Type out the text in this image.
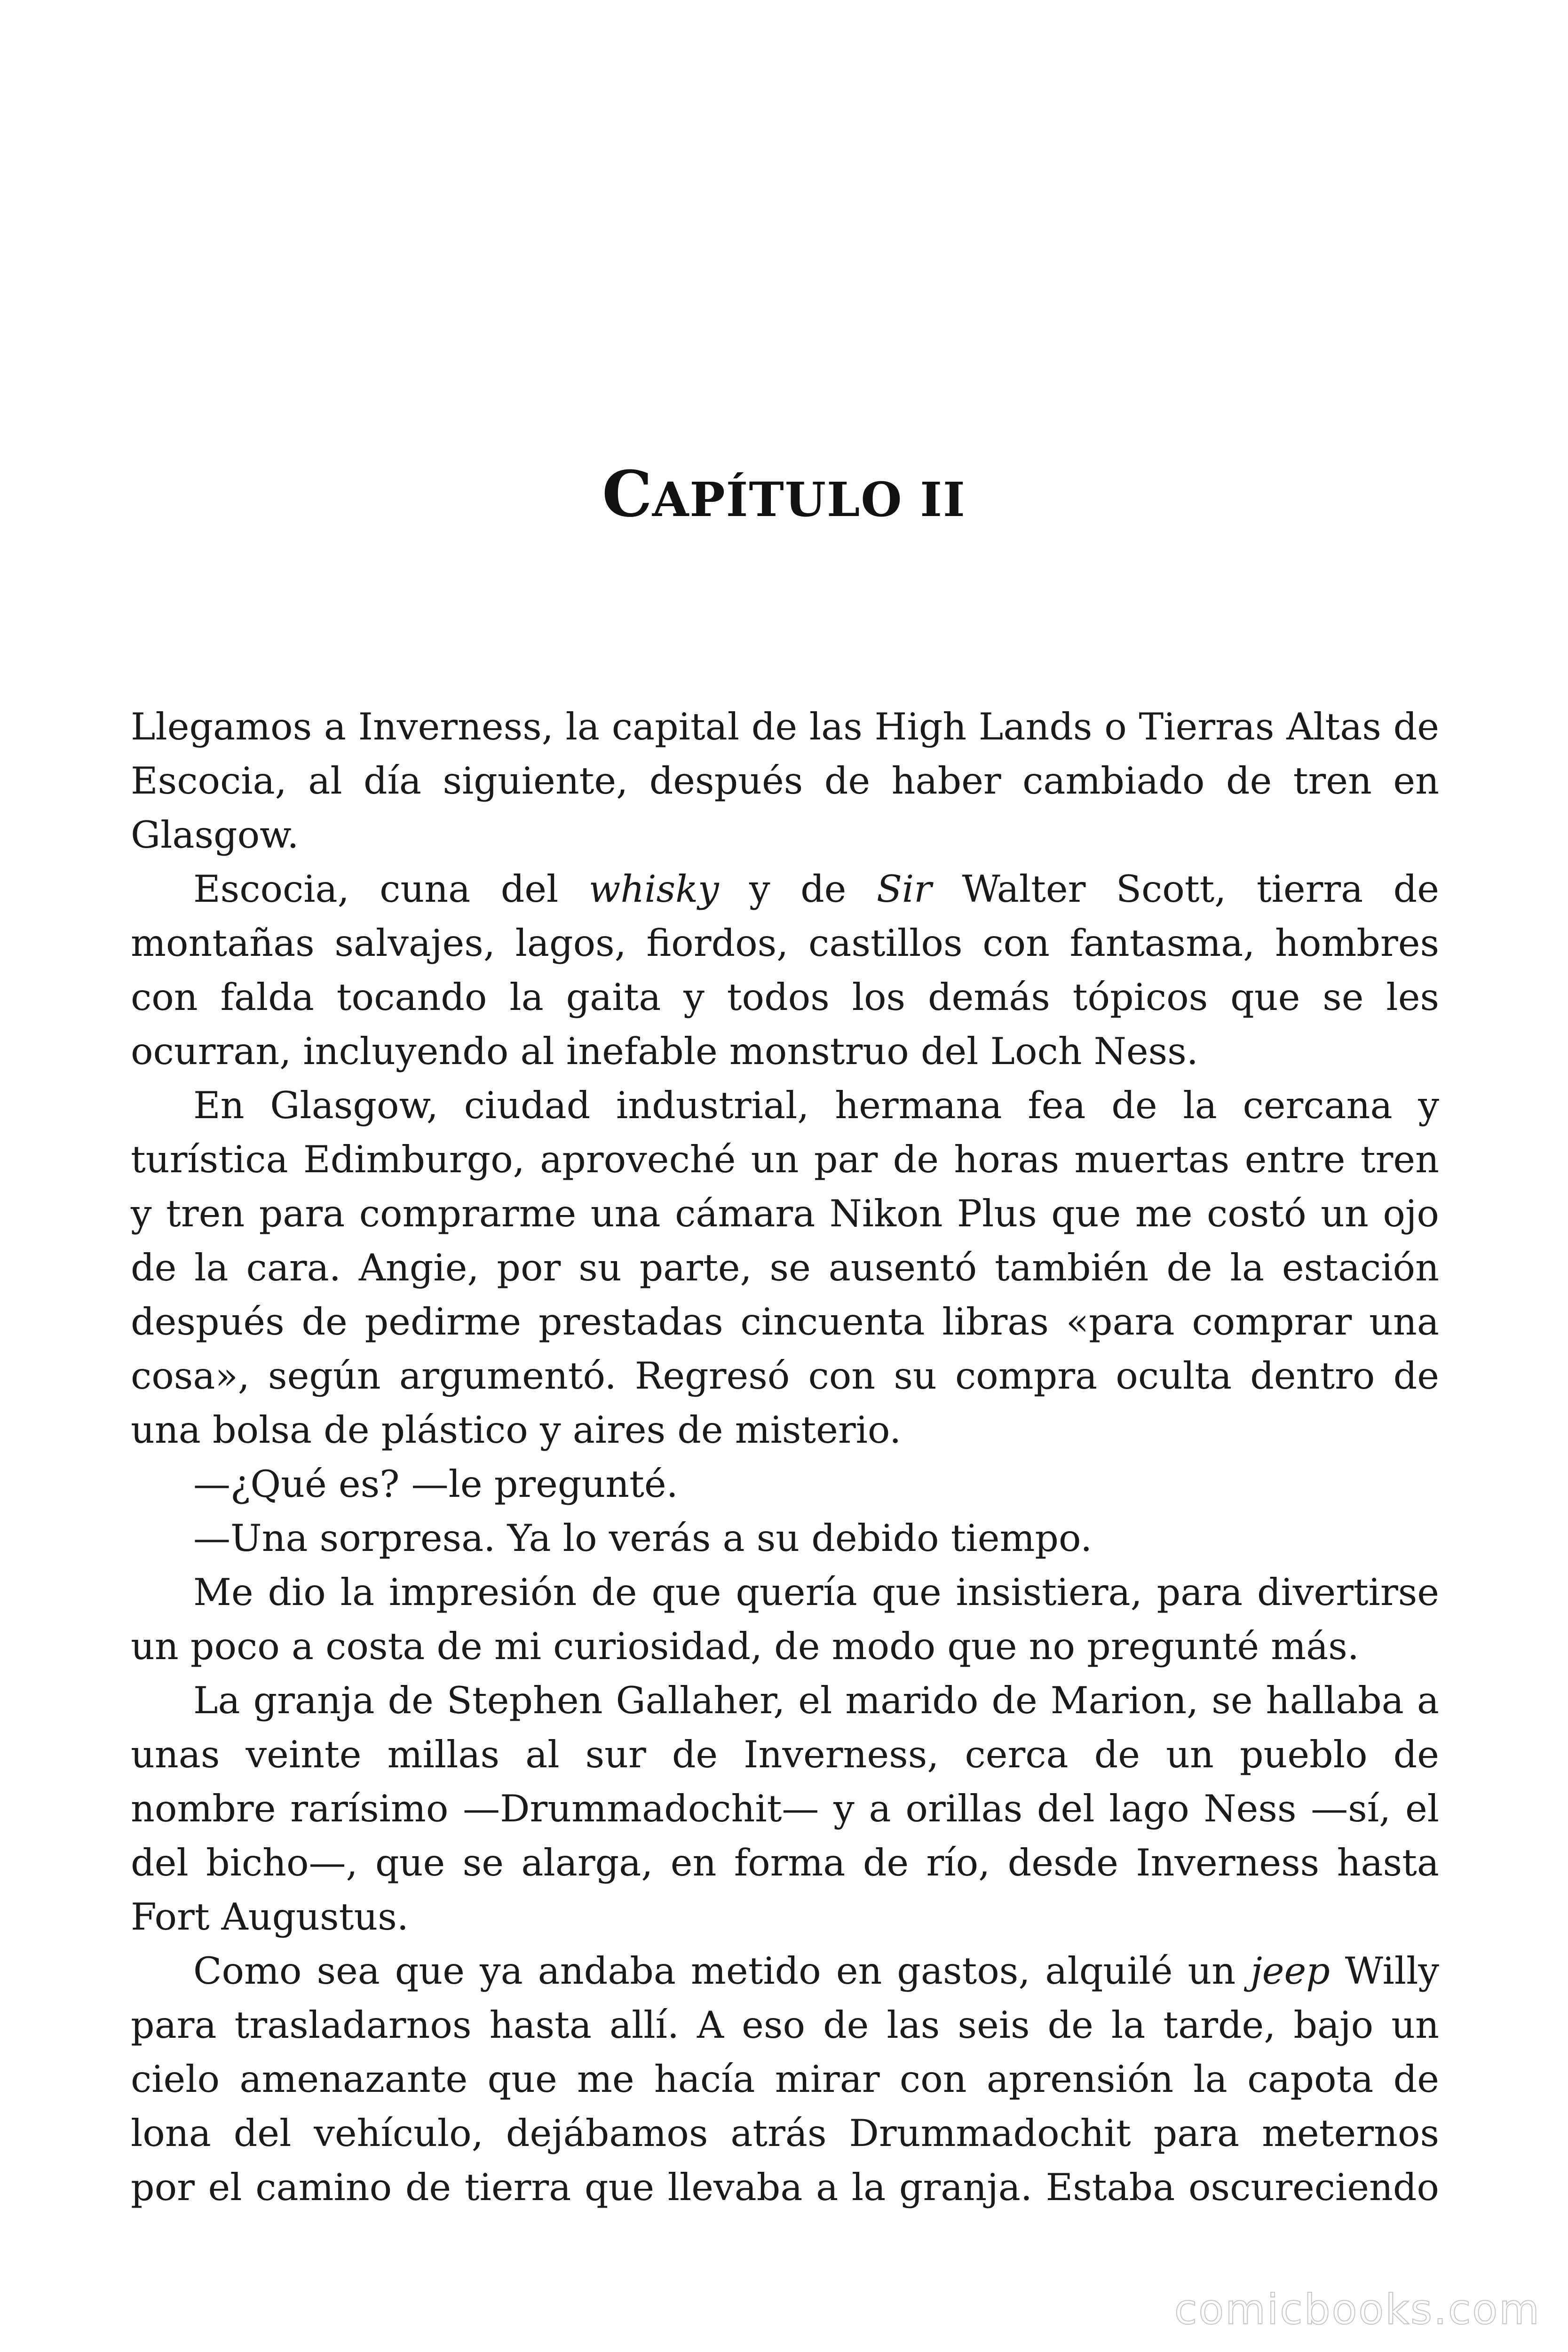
CAPÍTULO II

Llegamos a Inverness, la capital de las High Lands o Tierras Altas de Escocia, al día siguiente, después de haber cambiado de tren en Glasgow.

Escocia, cuna del whisky y de Sir Walter Scott, tierra de montañas salvajes, lagos, fiordos, castillos con fantasma, hombres con falda tocando la gaita y todos los demás tópicos que se les ocurran, incluyendo al inefable monstruo del Loch Ness.

En Glasgow, ciudad industrial, hermana fea de la cercana y turística Edimburgo, aproveché un par de horas muertas entre tren y tren para comprarme una cámara Nikon Plus que me costó un ojo de la cara. Angie, por su parte, se ausentó también de la estación después de pedirme prestadas cincuenta libras «para comprar una cosa», según argumentó. Regresó con su compra oculta dentro de una bolsa de plástico y aires de misterio.

—¿Qué es? —le pregunté.

—Una sorpresa. Ya lo verás a su debido tiempo.

Me dio la impresión de que quería que insistiera, para divertirse un poco a costa de mi curiosidad, de modo que no pregunté más.

La granja de Stephen Gallaher, el marido de Marion, se hallaba a unas veinte millas al sur de Inverness, cerca de un pueblo de nombre rarísimo —Drummadochit— y a orillas del lago Ness —sí, el del bicho—, que se alarga, en forma de río, desde Inverness hasta Fort Augustus.

Como sea que ya andaba metido en gastos, alquilé un jeep Willy para trasladarnos hasta allí. A eso de las seis de la tarde, bajo un cielo amenazante que me hacía mirar con aprensión la capota de lona del vehículo, dejábamos atrás Drummadochit para meternos por el camino de tierra que llevaba a la granja. Estaba oscureciendo

comicbooks.com
